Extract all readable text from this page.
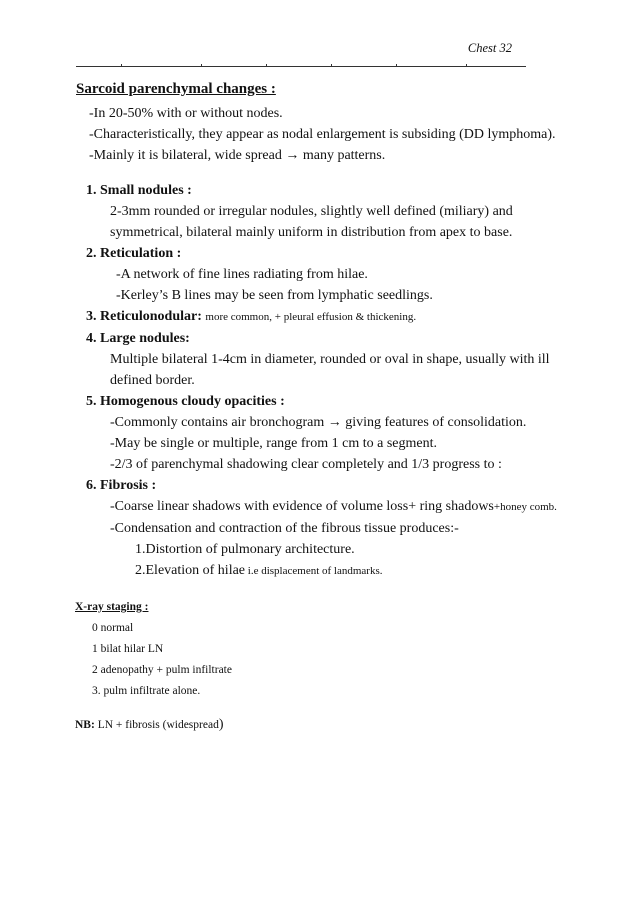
Chest 32
Sarcoid parenchymal changes :
-In 20-50% with or without nodes.
-Characteristically, they appear as nodal enlargement is subsiding (DD lymphoma).
-Mainly it is bilateral, wide spread → many patterns.
1. Small nodules :
2-3mm rounded or irregular nodules, slightly well defined (miliary) and
symmetrical, bilateral mainly uniform in distribution from apex to base.
2. Reticulation :
-A network of fine lines radiating from hilae.
-Kerley’s B lines may be seen from lymphatic seedlings.
3. Reticulonodular: more common, + pleural effusion & thickening.
4. Large nodules:
Multiple bilateral 1-4cm in diameter, rounded or oval in shape, usually with ill
defined border.
5. Homogenous cloudy opacities :
-Commonly contains air bronchogram → giving features of consolidation.
-May be single or multiple, range from 1 cm to a segment.
-2/3 of parenchymal shadowing clear completely and 1/3 progress to :
6. Fibrosis :
-Coarse linear shadows with evidence of volume loss+ ring shadows+honey comb.
-Condensation and contraction of the fibrous tissue produces:-
1.Distortion of pulmonary architecture.
2.Elevation of hilae i.e displacement of landmarks.
X-ray staging :
0 normal
1 bilat hilar LN
2 adenopathy + pulm infiltrate
3. pulm infiltrate alone.
NB: LN + fibrosis (widespread)
